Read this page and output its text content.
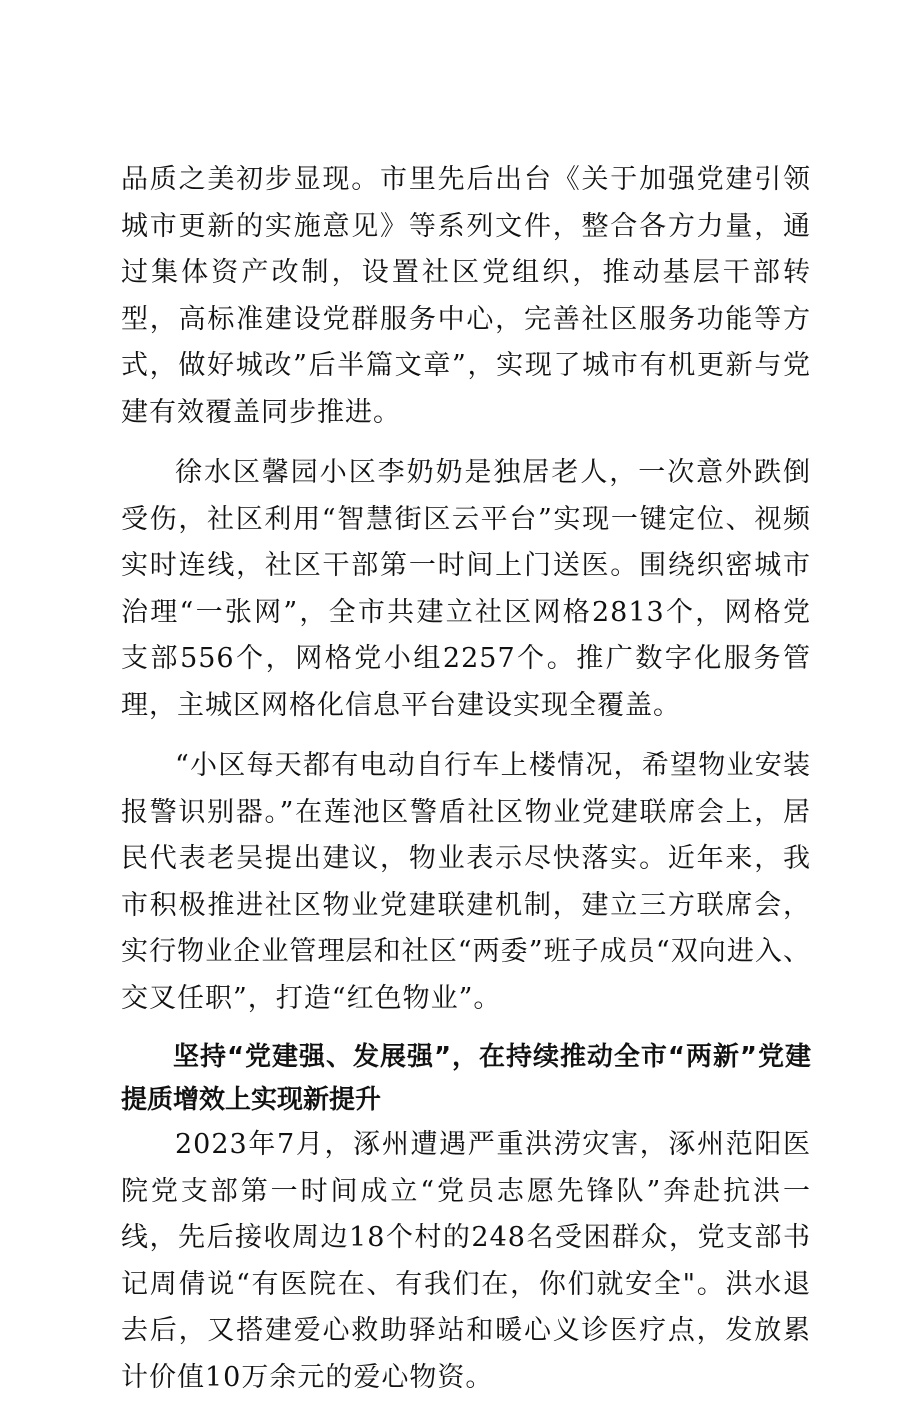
品质之美初步显现。市里先后出台《关于加强党建引领城市更新的实施意见》等系列文件，整合各方力量，通过集体资产改制，设置社区党组织，推动基层干部转型，高标准建设党群服务中心，完善社区服务功能等方式，做好城改”后半篇文章”，实现了城市有机更新与党建有效覆盖同步推进。

徐水区馨园小区李奶奶是独居老人，一次意外跌倒受伤，社区利用“智慧街区云平台”实现一键定位、视频实时连线，社区干部第一时间上门送医。围绕织密城市治理“一张网”，全市共建立社区网格2813个，网格党支部556个，网格党小组2257个。推广数字化服务管理，主城区网格化信息平台建设实现全覆盖。

“小区每天都有电动自行车上楼情况，希望物业安装报警识别器。”在莲池区警盾社区物业党建联席会上，居民代表老吴提出建议，物业表示尽快落实。近年来，我市积极推进社区物业党建联建机制，建立三方联席会，实行物业企业管理层和社区“两委”班子成员“双向进入、交叉任职”，打造“红色物业”。

坚持“党建强、发展强”，在持续推动全市“两新”党建提质增效上实现新提升

2023年7月，涿州遭遇严重洪涝灾害，涿州范阳医院党支部第一时间成立“党员志愿先锋队”奔赴抗洪一线，先后接收周边18个村的248名受困群众，党支部书记周倩说“有医院在、有我们在，你们就安全"。洪水退去后，又搭建爱心救助驿站和暖心义诊医疗点，发放累计价值10万余元的爱心物资。
